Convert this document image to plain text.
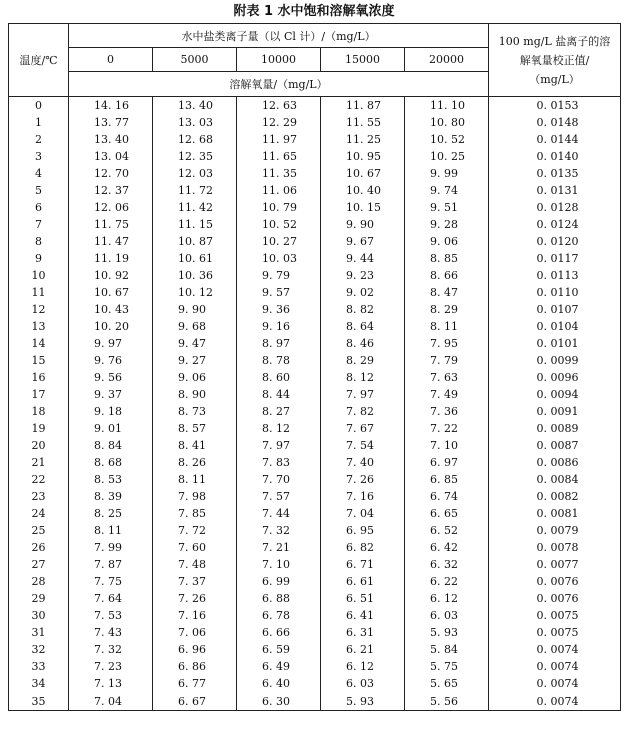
附表 1 水中饱和溶解氧浓度
温度/℃	水中盐类离子量（以 Cl 计）/（mg/L）					100 mg/L 盐离子的溶
解氧量校正值/
（mg/L）

	0	5000	10000	15000	20000	
	溶解氧量/（mg/L）					
0	14. 16	13. 40	12. 63	11. 87	11. 10	0. 0153
1	13. 77	13. 03	12. 29	11. 55	10. 80	0. 0148
2	13. 40	12. 68	11. 97	11. 25	10. 52	0. 0144
3	13. 04	12. 35	11. 65	10. 95	10. 25	0. 0140
4	12. 70	12. 03	11. 35	10. 67	9. 99	0. 0135
5	12. 37	11. 72	11. 06	10. 40	9. 74	0. 0131
6	12. 06	11. 42	10. 79	10. 15	9. 51	0. 0128
7	11. 75	11. 15	10. 52	9. 90	9. 28	0. 0124
8	11. 47	10. 87	10. 27	9. 67	9. 06	0. 0120
9	11. 19	10. 61	10. 03	9. 44	8. 85	0. 0117
10	10. 92	10. 36	9. 79	9. 23	8. 66	0. 0113
11	10. 67	10. 12	9. 57	9. 02	8. 47	0. 0110
12	10. 43	9. 90	9. 36	8. 82	8. 29	0. 0107
13	10. 20	9. 68	9. 16	8. 64	8. 11	0. 0104
14	9. 97	9. 47	8. 97	8. 46	7. 95	0. 0101
15	9. 76	9. 27	8. 78	8. 29	7. 79	0. 0099
16	9. 56	9. 06	8. 60	8. 12	7. 63	0. 0096
17	9. 37	8. 90	8. 44	7. 97	7. 49	0. 0094
18	9. 18	8. 73	8. 27	7. 82	7. 36	0. 0091
19	9. 01	8. 57	8. 12	7. 67	7. 22	0. 0089
20	8. 84	8. 41	7. 97	7. 54	7. 10	0. 0087
21	8. 68	8. 26	7. 83	7. 40	6. 97	0. 0086
22	8. 53	8. 11	7. 70	7. 26	6. 85	0. 0084
23	8. 39	7. 98	7. 57	7. 16	6. 74	0. 0082
24	8. 25	7. 85	7. 44	7. 04	6. 65	0. 0081
25	8. 11	7. 72	7. 32	6. 95	6. 52	0. 0079
26	7. 99	7. 60	7. 21	6. 82	6. 42	0. 0078
27	7. 87	7. 48	7. 10	6. 71	6. 32	0. 0077
28	7. 75	7. 37	6. 99	6. 61	6. 22	0. 0076
29	7. 64	7. 26	6. 88	6. 51	6. 12	0. 0076
30	7. 53	7. 16	6. 78	6. 41	6. 03	0. 0075
31	7. 43	7. 06	6. 66	6. 31	5. 93	0. 0075
32	7. 32	6. 96	6. 59	6. 21	5. 84	0. 0074
33	7. 23	6. 86	6. 49	6. 12	5. 75	0. 0074
34	7. 13	6. 77	6. 40	6. 03	5. 65	0. 0074
35	7. 04	6. 67	6. 30	5. 93	5. 56	0. 0074
